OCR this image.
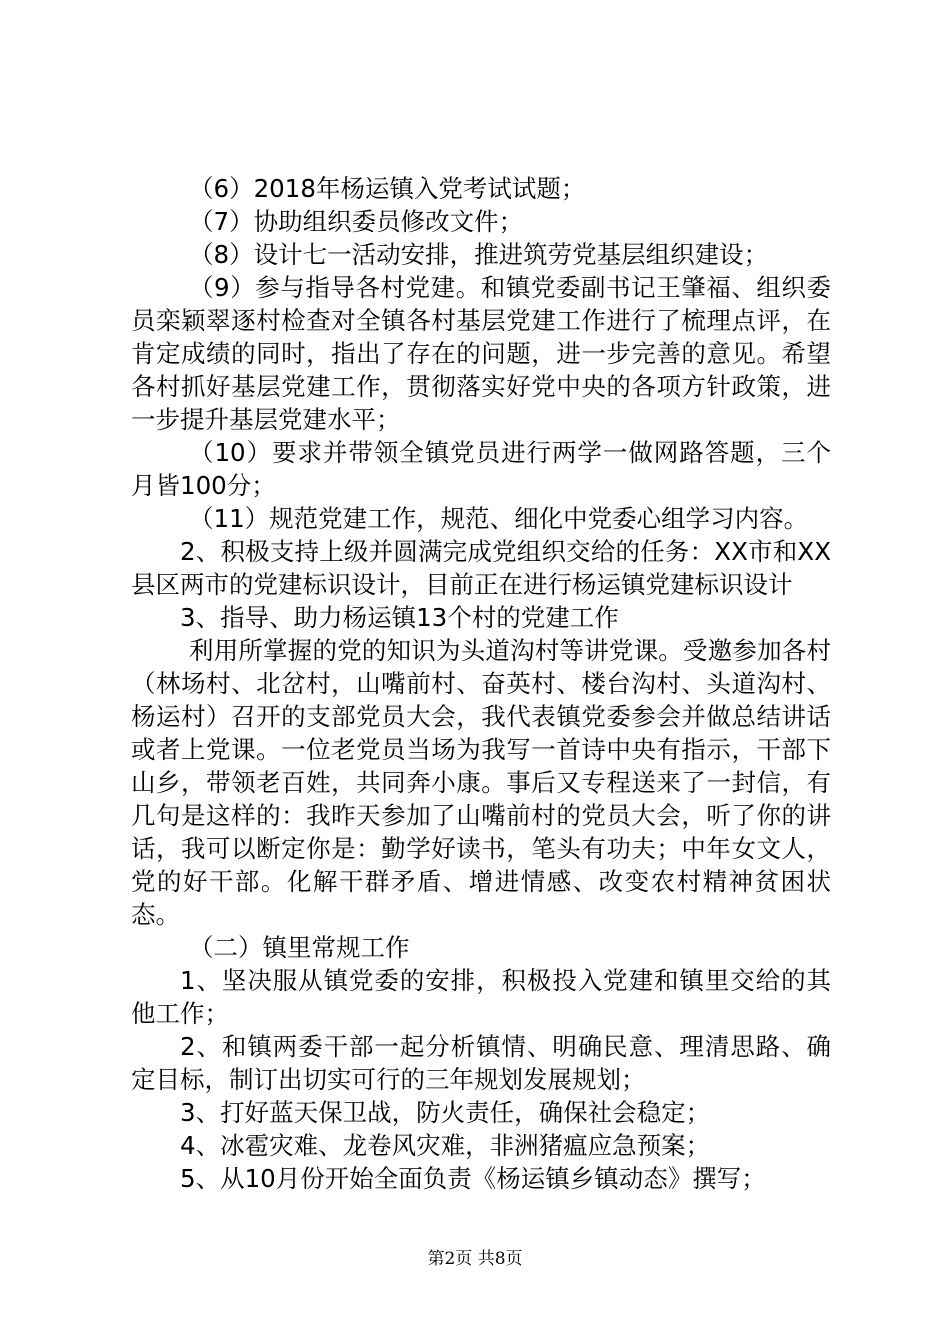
（6）2018年杨运镇入党考试试题；

（7）协助组织委员修改文件；

（8）设计七一活动安排，推进筑劳党基层组织建设；

（9）参与指导各村党建。和镇党委副书记王肇福、组织委员栾颖翠逐村检查对全镇各村基层党建工作进行了梳理点评，在肯定成绩的同时，指出了存在的问题，进一步完善的意见。希望各村抓好基层党建工作，贯彻落实好党中央的各项方针政策，进一步提升基层党建水平；

（10）要求并带领全镇党员进行两学一做网路答题，三个月皆100分；

（11）规范党建工作，规范、细化中党委心组学习内容。

2、积极支持上级并圆满完成党组织交给的任务：XX市和XX县区两市的党建标识设计，目前正在进行杨运镇党建标识设计

3、指导、助力杨运镇13个村的党建工作

利用所掌握的党的知识为头道沟村等讲党课。受邀参加各村（林场村、北岔村，山嘴前村、奋英村、楼台沟村、头道沟村、杨运村）召开的支部党员大会，我代表镇党委参会并做总结讲话或者上党课。一位老党员当场为我写一首诗中央有指示，干部下山乡，带领老百姓，共同奔小康。事后又专程送来了一封信，有几句是这样的：我昨天参加了山嘴前村的党员大会，听了你的讲话，我可以断定你是：勤学好读书，笔头有功夫；中年女文人，党的好干部。化解干群矛盾、增进情感、改变农村精神贫困状态。

（二）镇里常规工作

1、坚决服从镇党委的安排，积极投入党建和镇里交给的其他工作；

2、和镇两委干部一起分析镇情、明确民意、理清思路、确定目标，制订出切实可行的三年规划发展规划；

3、打好蓝天保卫战，防火责任，确保社会稳定；

4、冰雹灾难、龙卷风灾难，非洲猪瘟应急预案；

5、从10月份开始全面负责《杨运镇乡镇动态》撰写；

第2页 共8页
